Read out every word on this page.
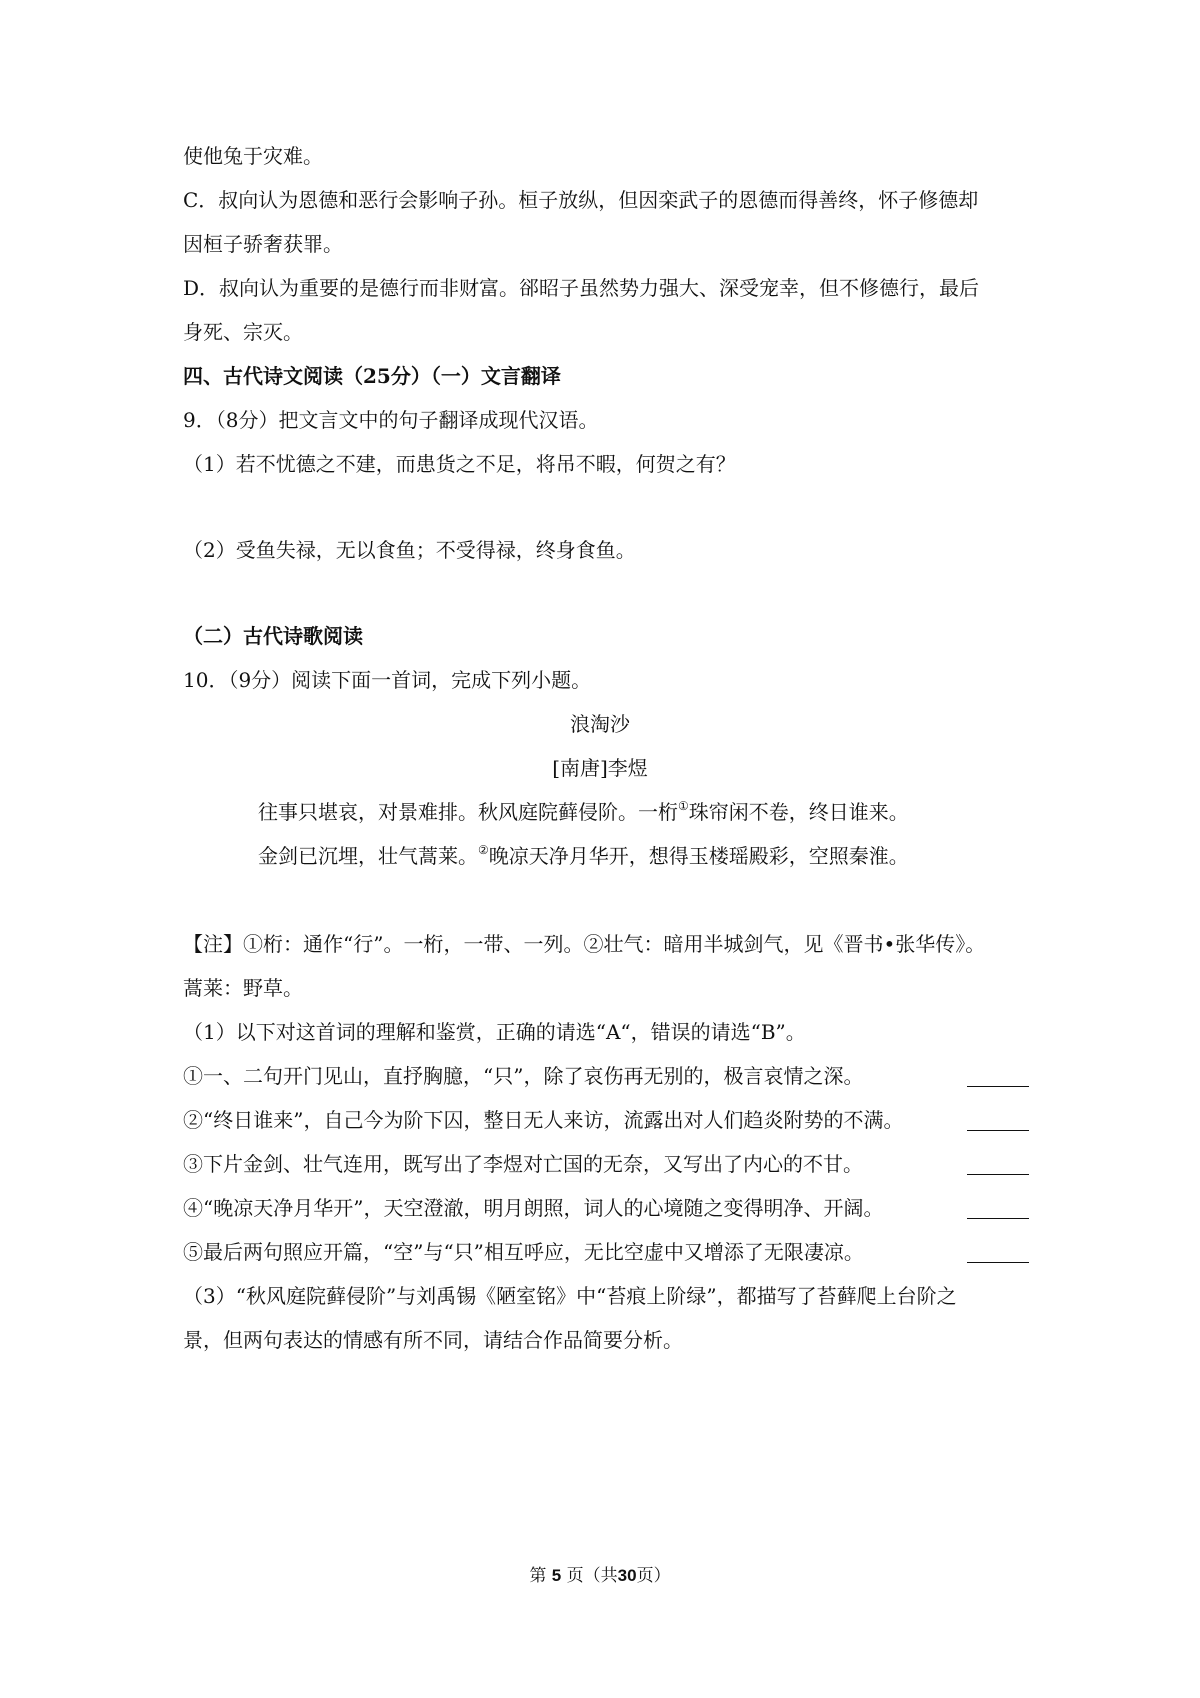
使他兔于灾难。
C．叔向认为恩德和恶行会影响子孙。桓子放纵，但因栾武子的恩德而得善终，怀子修德却
因桓子骄奢获罪。
D．叔向认为重要的是德行而非财富。郤昭子虽然势力强大、深受宠幸，但不修德行，最后
身死、宗灭。
四、古代诗文阅读（25分）（一）文言翻译
9．（8分）把文言文中的句子翻译成现代汉语。
（1）若不忧德之不建，而患货之不足，将吊不暇，何贺之有？
（2）受鱼失禄，无以食鱼；不受得禄，终身食鱼。
（二）古代诗歌阅读
10．（9分）阅读下面一首词，完成下列小题。
浪淘沙
[南唐]李煜
往事只堪哀，对景难排。秋风庭院藓侵阶。一桁①珠帘闲不卷，终日谁来。
金剑已沉埋，壮气蒿莱。②晚凉天净月华开，想得玉楼瑶殿彩，空照秦淮。
【注】①桁：通作“行”。一桁，一带、一列。②壮气：暗用半城剑气，见《晋书•张华传》。
蒿莱：野草。
（1）以下对这首词的理解和鉴赏，正确的请选“A“，错误的请选“B”。
①一、二句开门见山，直抒胸臆，“只”，除了哀伤再无别的，极言哀情之深。
②“终日谁来”，自己今为阶下囚，整日无人来访，流露出对人们趋炎附势的不满。
③下片金剑、壮气连用，既写出了李煜对亡国的无奈，又写出了内心的不甘。
④“晚凉天净月华开”，天空澄澈，明月朗照，词人的心境随之变得明净、开阔。
⑤最后两句照应开篇，“空”与“只”相互呼应，无比空虚中又增添了无限凄凉。
（3）“秋风庭院藓侵阶”与刘禹锡《陋室铭》中“苔痕上阶绿”，都描写了苔藓爬上台阶之
景，但两句表达的情感有所不同，请结合作品简要分析。
第 5 页（共30页）
